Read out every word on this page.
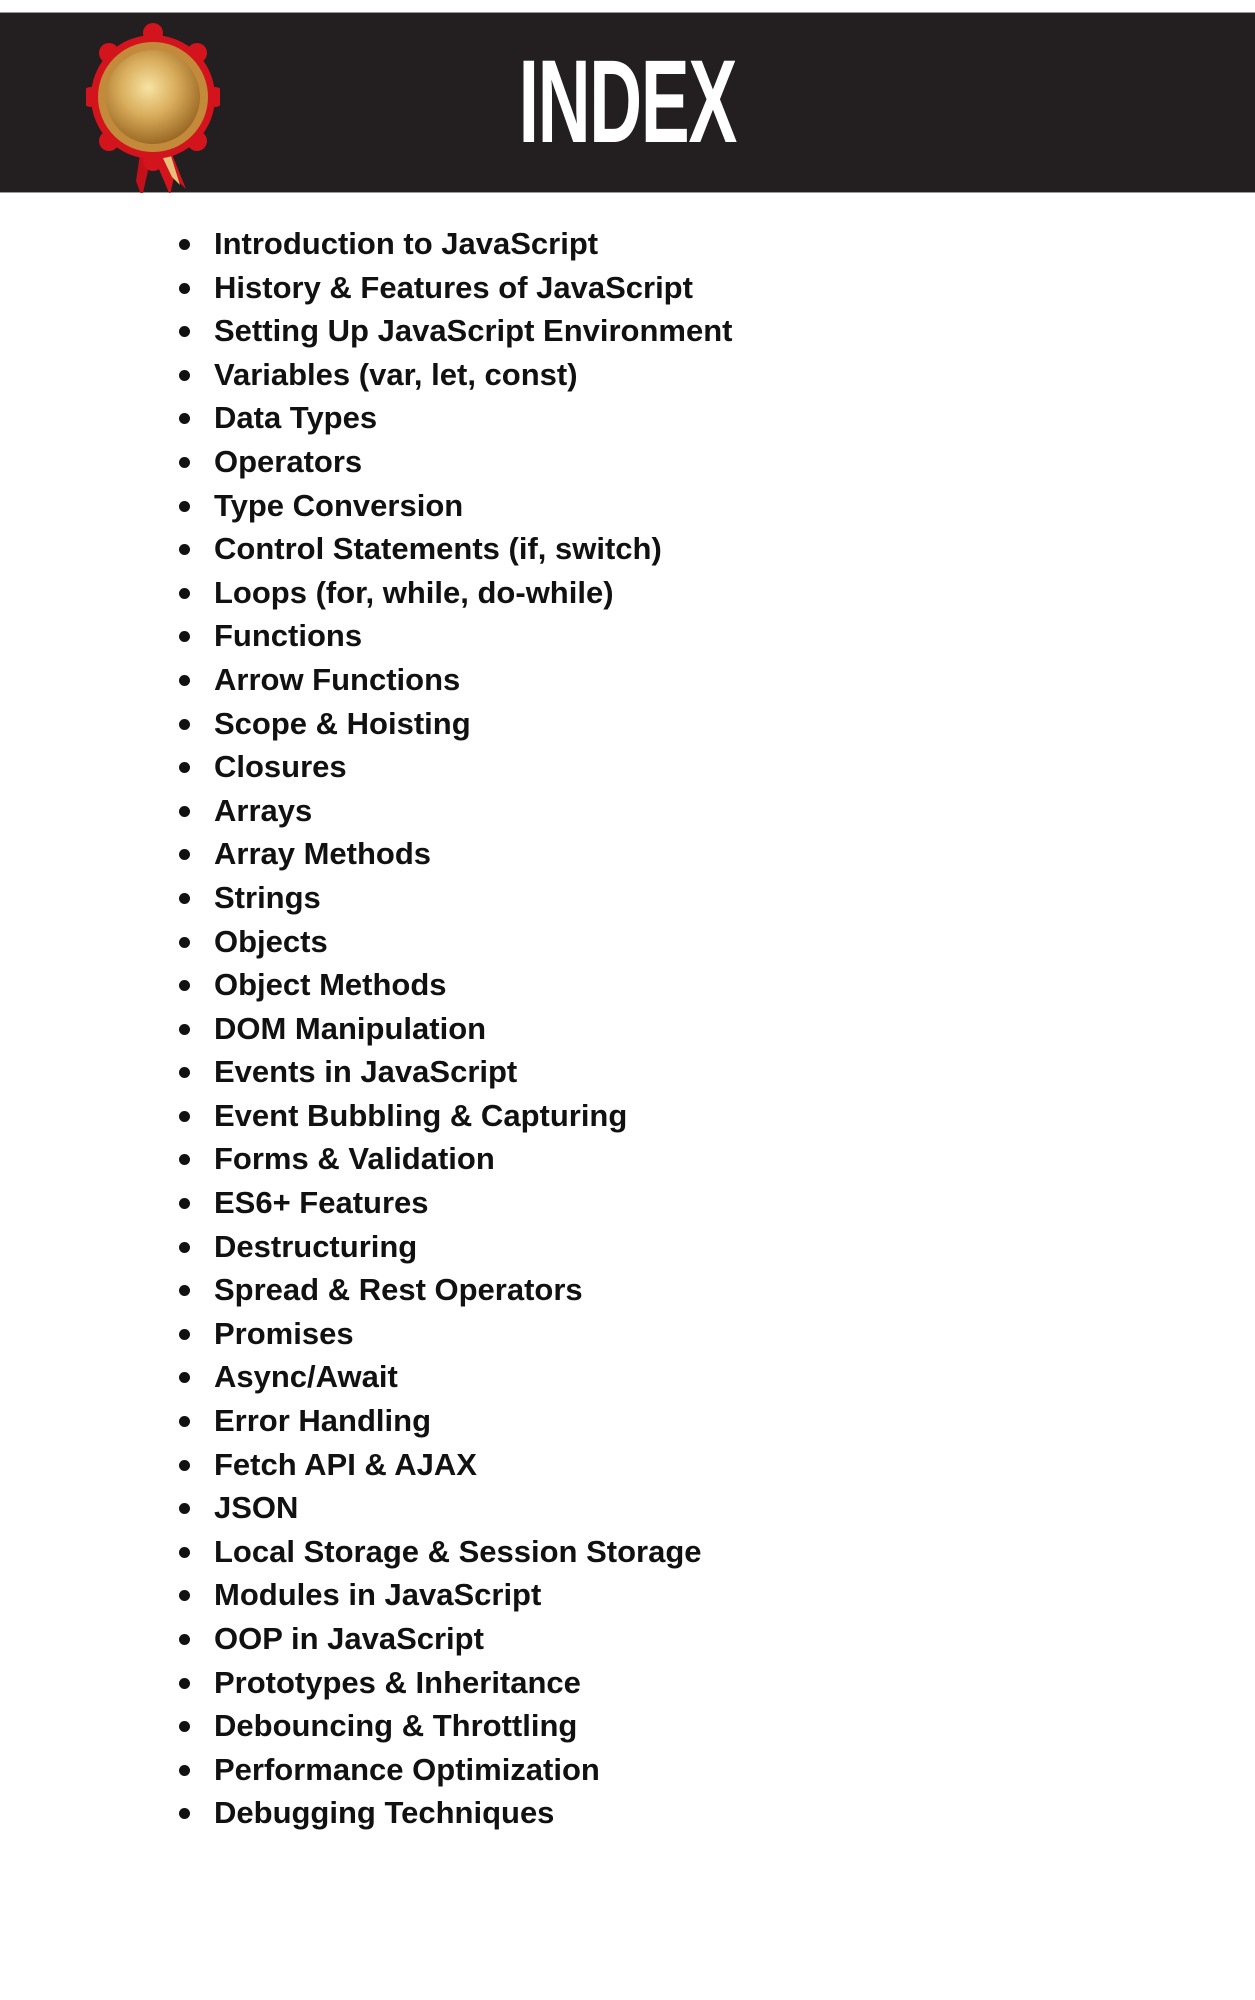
INDEX
Introduction to JavaScript
History & Features of JavaScript
Setting Up JavaScript Environment
Variables (var, let, const)
Data Types
Operators
Type Conversion
Control Statements (if, switch)
Loops (for, while, do-while)
Functions
Arrow Functions
Scope & Hoisting
Closures
Arrays
Array Methods
Strings
Objects
Object Methods
DOM Manipulation
Events in JavaScript
Event Bubbling & Capturing
Forms & Validation
ES6+ Features
Destructuring
Spread & Rest Operators
Promises
Async/Await
Error Handling
Fetch API & AJAX
JSON
Local Storage & Session Storage
Modules in JavaScript
OOP in JavaScript
Prototypes & Inheritance
Debouncing & Throttling
Performance Optimization
Debugging Techniques
